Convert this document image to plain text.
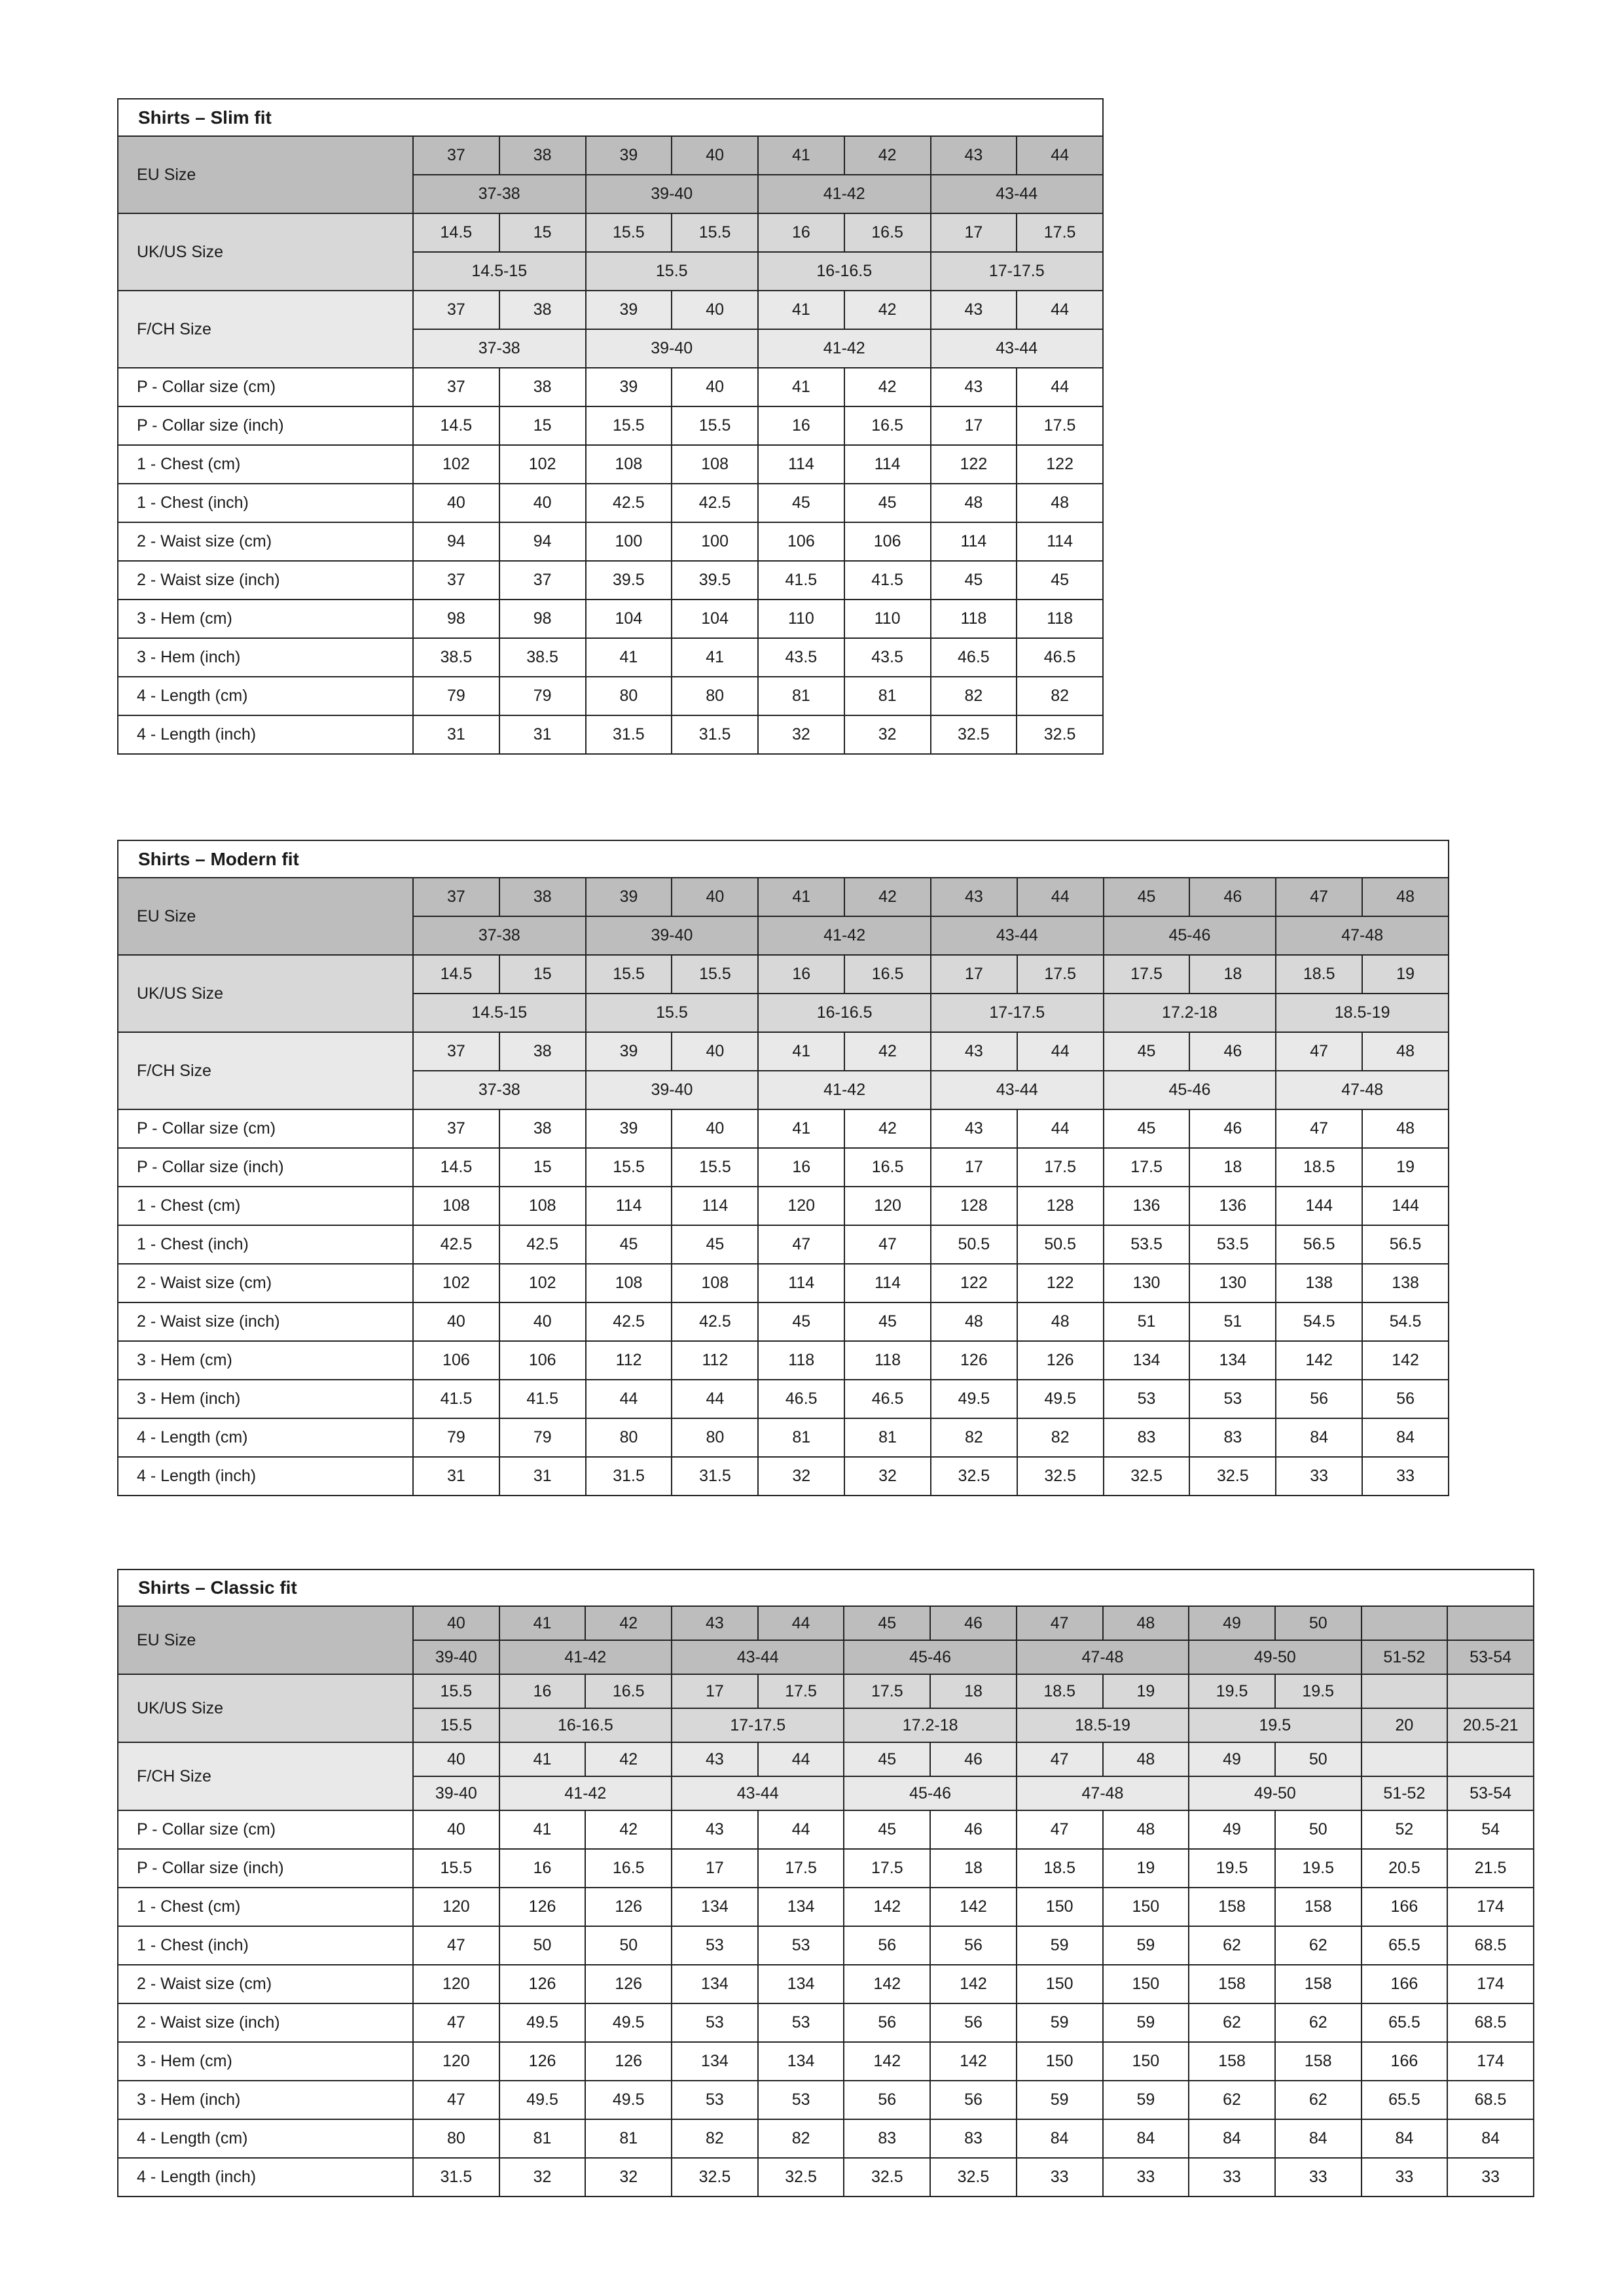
Shirts – Slim fit								
EU Size	37	38	39	40	41	42	43	44
	37-38		39-40		41-42		43-44	
UK/US Size	14.5	15	15.5	15.5	16	16.5	17	17.5
	14.5-15		15.5		16-16.5		17-17.5	
F/CH Size	37	38	39	40	41	42	43	44
	37-38		39-40		41-42		43-44	
P - Collar size (cm)	37	38	39	40	41	42	43	44
P - Collar size (inch)	14.5	15	15.5	15.5	16	16.5	17	17.5
1 - Chest (cm)	102	102	108	108	114	114	122	122
1 - Chest (inch)	40	40	42.5	42.5	45	45	48	48
2 - Waist size (cm)	94	94	100	100	106	106	114	114
2 - Waist size (inch)	37	37	39.5	39.5	41.5	41.5	45	45
3 - Hem (cm)	98	98	104	104	110	110	118	118
3 - Hem (inch)	38.5	38.5	41	41	43.5	43.5	46.5	46.5
4 - Length (cm)	79	79	80	80	81	81	82	82
4 - Length (inch)	31	31	31.5	31.5	32	32	32.5	32.5
Shirts – Modern fit												
EU Size	37	38	39	40	41	42	43	44	45	46	47	48
	37-38		39-40		41-42		43-44		45-46		47-48	
UK/US Size	14.5	15	15.5	15.5	16	16.5	17	17.5	17.5	18	18.5	19
	14.5-15		15.5		16-16.5		17-17.5		17.2-18		18.5-19	
F/CH Size	37	38	39	40	41	42	43	44	45	46	47	48
	37-38		39-40		41-42		43-44		45-46		47-48	
P - Collar size (cm)	37	38	39	40	41	42	43	44	45	46	47	48
P - Collar size (inch)	14.5	15	15.5	15.5	16	16.5	17	17.5	17.5	18	18.5	19
1 - Chest (cm)	108	108	114	114	120	120	128	128	136	136	144	144
1 - Chest (inch)	42.5	42.5	45	45	47	47	50.5	50.5	53.5	53.5	56.5	56.5
2 - Waist size (cm)	102	102	108	108	114	114	122	122	130	130	138	138
2 - Waist size (inch)	40	40	42.5	42.5	45	45	48	48	51	51	54.5	54.5
3 - Hem (cm)	106	106	112	112	118	118	126	126	134	134	142	142
3 - Hem (inch)	41.5	41.5	44	44	46.5	46.5	49.5	49.5	53	53	56	56
4 - Length (cm)	79	79	80	80	81	81	82	82	83	83	84	84
4 - Length (inch)	31	31	31.5	31.5	32	32	32.5	32.5	32.5	32.5	33	33
Shirts – Classic fit													
EU Size	40	41	42	43	44	45	46	47	48	49	50		
	39-40	41-42		43-44		45-46		47-48		49-50		51-52	53-54
UK/US Size	15.5	16	16.5	17	17.5	17.5	18	18.5	19	19.5	19.5		
	15.5	16-16.5		17-17.5		17.2-18		18.5-19		19.5		20	20.5-21
F/CH Size	40	41	42	43	44	45	46	47	48	49	50		
	39-40	41-42		43-44		45-46		47-48		49-50		51-52	53-54
P - Collar size (cm)	40	41	42	43	44	45	46	47	48	49	50	52	54
P - Collar size (inch)	15.5	16	16.5	17	17.5	17.5	18	18.5	19	19.5	19.5	20.5	21.5
1 - Chest (cm)	120	126	126	134	134	142	142	150	150	158	158	166	174
1 - Chest (inch)	47	50	50	53	53	56	56	59	59	62	62	65.5	68.5
2 - Waist size (cm)	120	126	126	134	134	142	142	150	150	158	158	166	174
2 - Waist size (inch)	47	49.5	49.5	53	53	56	56	59	59	62	62	65.5	68.5
3 - Hem (cm)	120	126	126	134	134	142	142	150	150	158	158	166	174
3 - Hem (inch)	47	49.5	49.5	53	53	56	56	59	59	62	62	65.5	68.5
4 - Length (cm)	80	81	81	82	82	83	83	84	84	84	84	84	84
4 - Length (inch)	31.5	32	32	32.5	32.5	32.5	32.5	33	33	33	33	33	33
